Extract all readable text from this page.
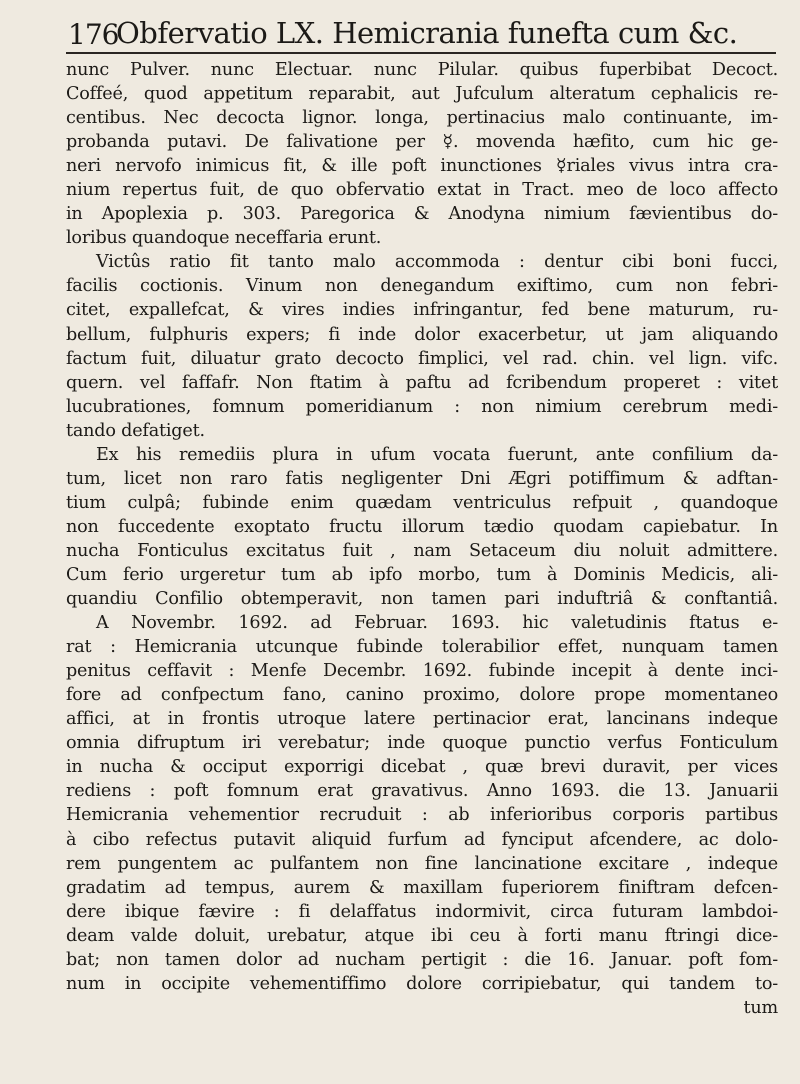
176
Obfervatio LX. Hemicrania funefta cum &c.
nunc Pulver. nunc Electuar. nunc Pilular. quibus fuperbibat Decoct.
Coffeé, quod appetitum reparabit, aut Jufculum alteratum cephalicis re-
centibus. Nec decocta lignor. longa, pertinacius malo continuante, im-
probanda putavi. De falivatione per ☿. movenda hæfito, cum hic ge-
neri nervofo inimicus fit, & ille poft inunctiones ☿riales vivus intra cra-
nium repertus fuit, de quo obfervatio extat in Tract. meo de loco affecto
in Apoplexia p. 303. Paregorica & Anodyna nimium fævientibus do-
loribus quandoque neceffaria erunt.
Victûs ratio fit tanto malo accommoda : dentur cibi boni fucci,
facilis coctionis. Vinum non denegandum exiftimo, cum non febri-
citet, expallefcat, & vires indies infringantur, fed bene maturum, ru-
bellum, fulphuris expers; fi inde dolor exacerbetur, ut jam aliquando
factum fuit, diluatur grato decocto fimplici, vel rad. chin. vel lign. vifc.
quern. vel faffafr. Non ftatim à paftu ad fcribendum properet : vitet
lucubrationes, fomnum pomeridianum : non nimium cerebrum medi-
tando defatiget.
Ex his remediis plura in ufum vocata fuerunt, ante confilium da-
tum, licet non raro fatis negligenter Dni Ægri potiffimum & adftan-
tium culpâ; fubinde enim quædam ventriculus refpuit , quandoque
non fuccedente exoptato fructu illorum tædio quodam capiebatur. In
nucha Fonticulus excitatus fuit , nam Setaceum diu noluit admittere.
Cum ferio urgeretur tum ab ipfo morbo, tum à Dominis Medicis, ali-
quandiu Confilio obtemperavit, non tamen pari induftriâ & conftantiâ.
A Novembr. 1692. ad Februar. 1693. hic valetudinis ftatus e-
rat : Hemicrania utcunque fubinde tolerabilior effet, nunquam tamen
penitus ceffavit : Menfe Decembr. 1692. fubinde incepit à dente inci-
fore ad confpectum fano, canino proximo, dolore prope momentaneo
affici, at in frontis utroque latere pertinacior erat, lancinans indeque
omnia difruptum iri verebatur; inde quoque punctio verfus Fonticulum
in nucha & occiput exporrigi dicebat , quæ brevi duravit, per vices
rediens : poft fomnum erat gravativus. Anno 1693. die 13. Januarii
Hemicrania vehementior recruduit : ab inferioribus corporis partibus
à cibo refectus putavit aliquid furfum ad fynciput afcendere, ac dolo-
rem pungentem ac pulfantem non fine lancinatione excitare , indeque
gradatim ad tempus, aurem & maxillam fuperiorem finiftram defcen-
dere ibique fævire : fi delaffatus indormivit, circa futuram lambdoi-
deam valde doluit, urebatur, atque ibi ceu à forti manu ftringi dice-
bat; non tamen dolor ad nucham pertigit : die 16. Januar. poft fom-
num in occipite vehementiffimo dolore corripiebatur, qui tandem to-
tum
